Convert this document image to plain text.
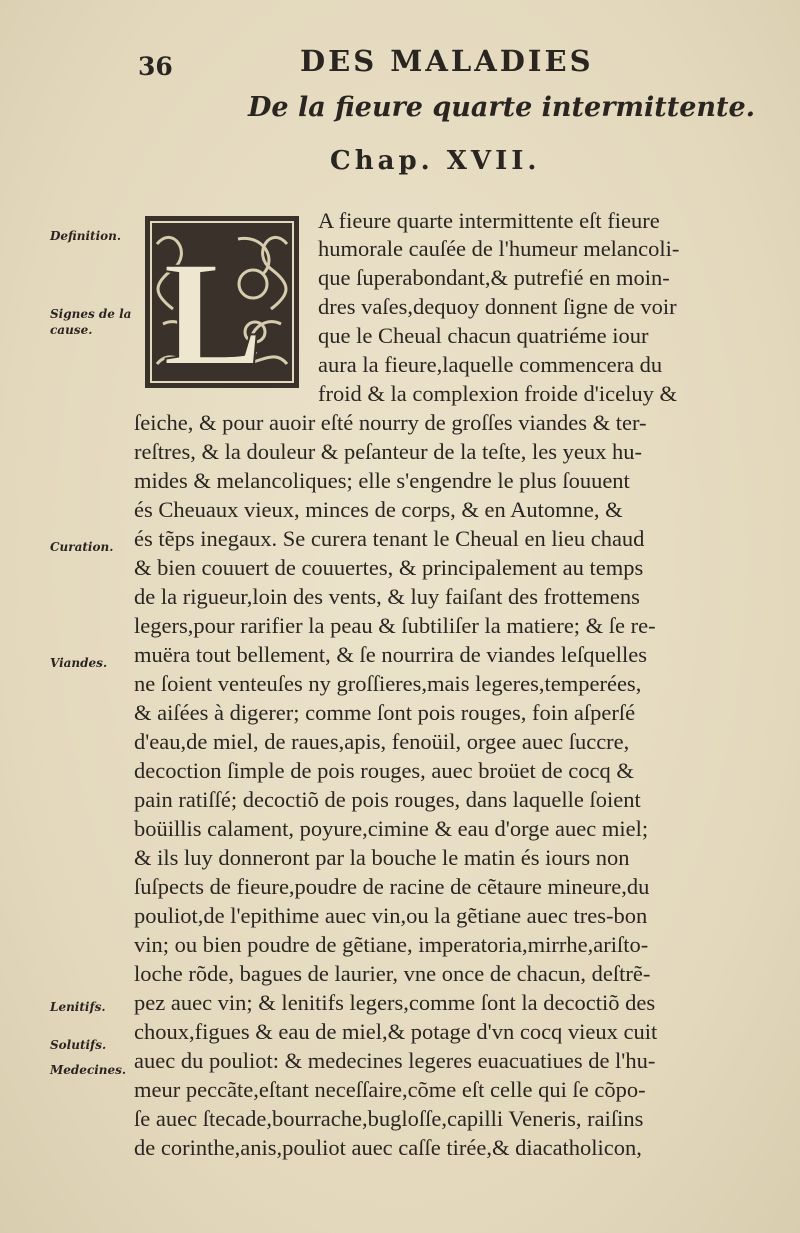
36	DES MALADIES
De la fieure quarte intermittente.
Chap. XVII.
L
Definition.
Signes de la
cause.
Curation.
Viandes.
Lenitifs.
Solutifs.
Medecines.
A fieure quarte intermittente eſt fieure
humorale cauſée de l'humeur melancoli-
que ſuperabondant,& putrefié en moin-
dres vaſes,dequoy donnent ſigne de voir
que le Cheual chacun quatriéme iour
aura la fieure,laquelle commencera du
froid & la complexion froide d'iceluy &
ſeiche, & pour auoir eſté nourry de groſſes viandes & ter-
reſtres, & la douleur & peſanteur de la teſte, les yeux hu-
mides & melancoliques; elle s'engendre le plus ſouuent
és Cheuaux vieux, minces de corps, & en Automne, &
és tẽps inegaux. Se curera tenant le Cheual en lieu chaud
& bien couuert de couuertes, & principalement au temps
de la rigueur,loin des vents, & luy faiſant des frottemens
legers,pour rarifier la peau & ſubtiliſer la matiere; & ſe re-
muëra tout bellement, & ſe nourrira de viandes leſquelles
ne ſoient venteuſes ny groſſieres,mais legeres,temperées,
& aiſées à digerer; comme ſont pois rouges, foin aſperſé
d'eau,de miel, de raues,apis, fenoüil, orgee auec ſuccre,
decoction ſimple de pois rouges, auec broüet de cocq &
pain ratiſſé; decoctiõ de pois rouges, dans laquelle ſoient
boüillis calament, poyure,cimine & eau d'orge auec miel;
& ils luy donneront par la bouche le matin és iours non
ſuſpects de fieure,poudre de racine de cẽtaure mineure,du
pouliot,de l'epithime auec vin,ou la gẽtiane auec tres-bon
vin; ou bien poudre de gẽtiane, imperatoria,mirrhe,ariſto-
loche rõde, bagues de laurier, vne once de chacun, deſtrẽ-
pez auec vin; & lenitifs legers,comme ſont la decoctiõ des
choux,figues & eau de miel,& potage d'vn cocq vieux cuit
auec du pouliot: & medecines legeres euacuatiues de l'hu-
meur peccãte,eſtant neceſſaire,cõme eſt celle qui ſe cõpo-
ſe auec ſtecade,bourrache,bugloſſe,capilli Veneris, raiſins
de corinthe,anis,pouliot auec caſſe tirée,& diacatholicon,
